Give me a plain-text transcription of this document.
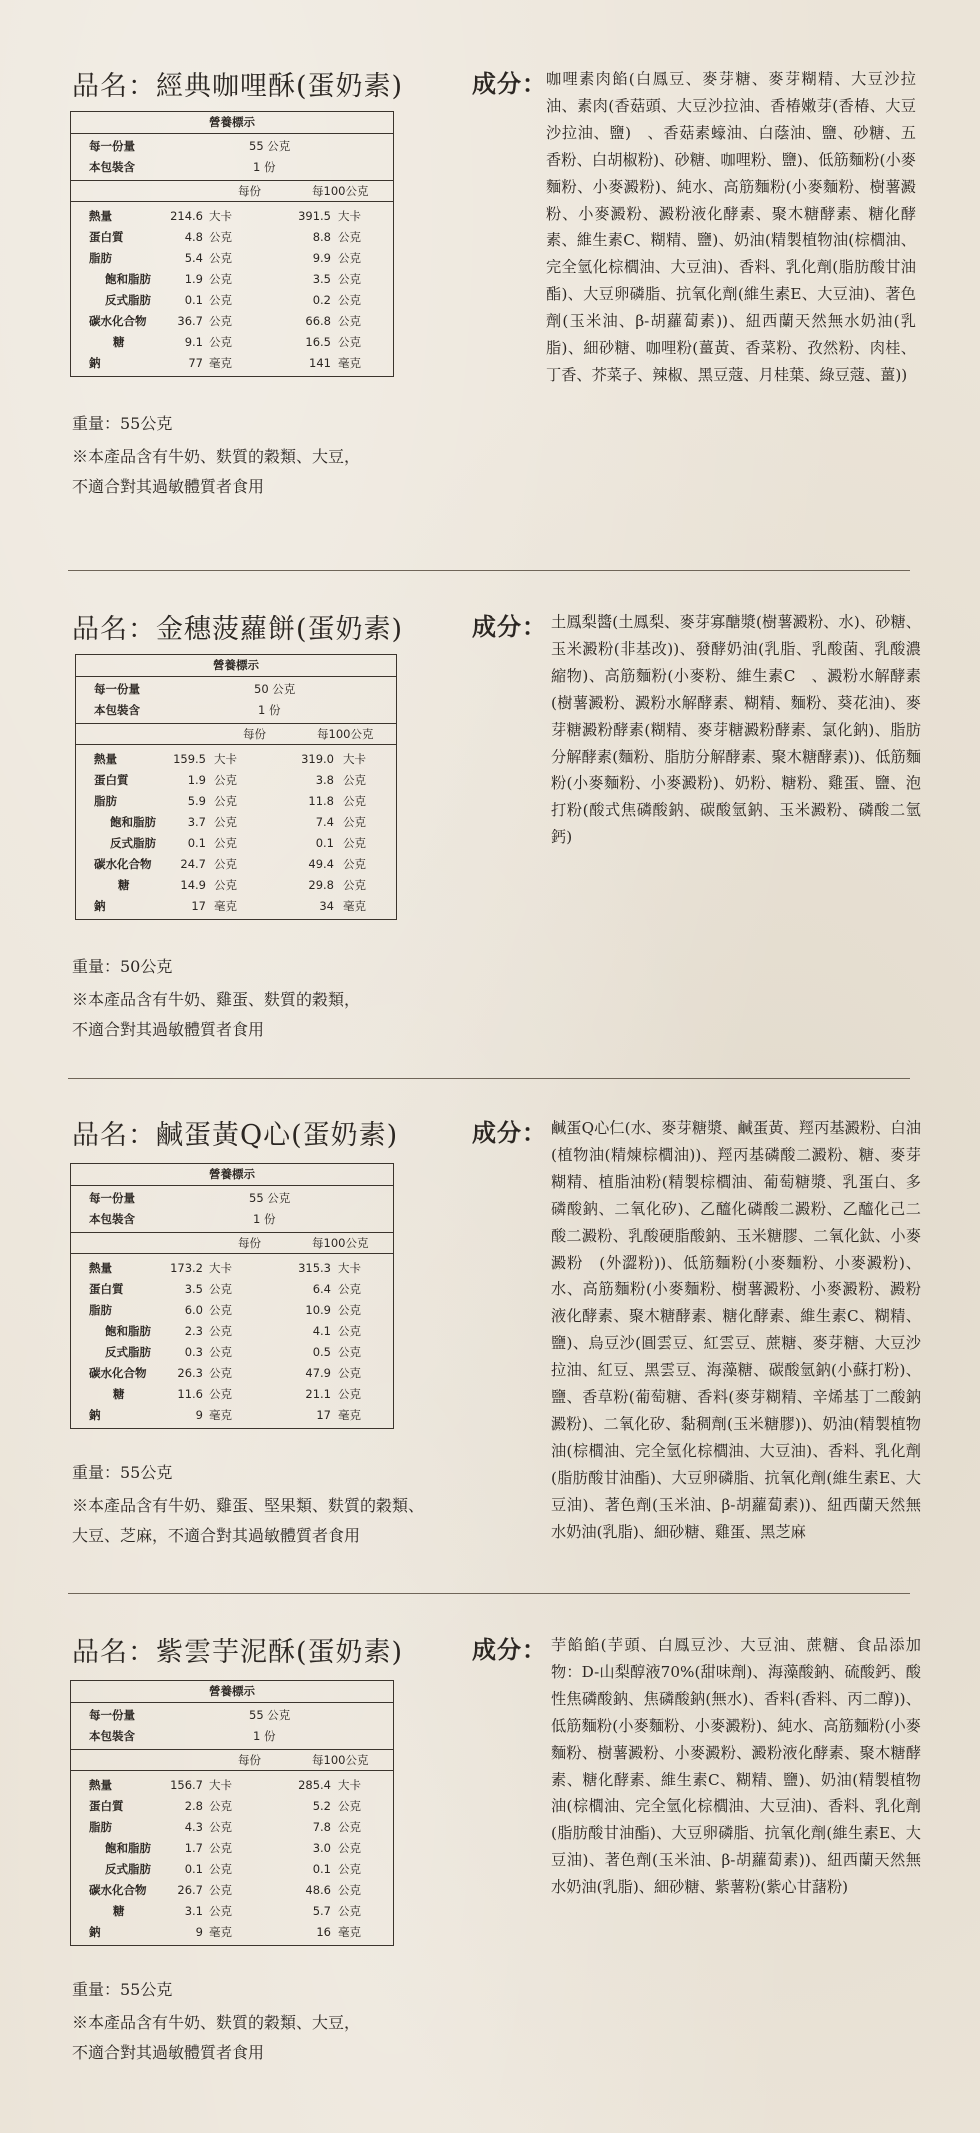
品名：經典咖哩酥(蛋奶素)
營養標示
每一份量	55 公克
本包裝含	1 份
每份	每100公克
熱量	214.6 大卡	391.5 大卡
蛋白質	4.8 公克	8.8 公克
脂肪	5.4 公克	9.9 公克
飽和脂肪	1.9 公克	3.5 公克
反式脂肪	0.1 公克	0.2 公克
碳水化合物	36.7 公克	66.8 公克
糖	9.1 公克	16.5 公克
鈉	77 毫克	141 毫克
重量：55公克
※本產品含有牛奶、麩質的穀類、大豆，
不適合對其過敏體質者食用
成分： 咖哩素肉餡(白鳳豆、麥芽糖、麥芽糊精、大豆沙拉油、素肉(香菇頭、大豆沙拉油、香椿嫩芽(香椿、大豆沙拉油、鹽)　、香菇素蠔油、白蔭油、鹽、砂糖、五香粉、白胡椒粉)、砂糖、咖哩粉、鹽)、低筋麵粉(小麥麵粉、小麥澱粉)、純水、高筋麵粉(小麥麵粉、樹薯澱粉、小麥澱粉、澱粉液化酵素、聚木糖酵素、糖化酵素、維生素C、糊精、鹽)、奶油(精製植物油(棕櫚油、完全氫化棕櫚油、大豆油)、香料、乳化劑(脂肪酸甘油酯)、大豆卵磷脂、抗氧化劑(維生素E、大豆油)、著色劑(玉米油、β-胡蘿蔔素))、紐西蘭天然無水奶油(乳脂)、細砂糖、咖哩粉(薑黃、香菜粉、孜然粉、肉桂、丁香、芥菜子、辣椒、黑豆蔻、月桂葉、綠豆蔻、薑))
品名：金穗菠蘿餅(蛋奶素)
營養標示
每一份量	50 公克
本包裝含	1 份
每份	每100公克
熱量	159.5 大卡	319.0 大卡
蛋白質	1.9 公克	3.8 公克
脂肪	5.9 公克	11.8 公克
飽和脂肪	3.7 公克	7.4 公克
反式脂肪	0.1 公克	0.1 公克
碳水化合物	24.7 公克	49.4 公克
糖	14.9 公克	29.8 公克
鈉	17 毫克	34 毫克
重量：50公克
※本產品含有牛奶、雞蛋、麩質的穀類，
不適合對其過敏體質者食用
成分： 土鳳梨醬(土鳳梨、麥芽寡醣漿(樹薯澱粉、水)、砂糖、玉米澱粉(非基改))、發酵奶油(乳脂、乳酸菌、乳酸濃縮物)、高筋麵粉(小麥粉、維生素C　、澱粉水解酵素(樹薯澱粉、澱粉水解酵素、糊精、麵粉、葵花油)、麥芽糖澱粉酵素(糊精、麥芽糖澱粉酵素、氯化鈉)、脂肪分解酵素(麵粉、脂肪分解酵素、聚木糖酵素))、低筋麵粉(小麥麵粉、小麥澱粉)、奶粉、糖粉、雞蛋、鹽、泡打粉(酸式焦磷酸鈉、碳酸氫鈉、玉米澱粉、磷酸二氫鈣)
品名：鹹蛋黃Q心(蛋奶素)
營養標示
每一份量	55 公克
本包裝含	1 份
每份	每100公克
熱量	173.2 大卡	315.3 大卡
蛋白質	3.5 公克	6.4 公克
脂肪	6.0 公克	10.9 公克
飽和脂肪	2.3 公克	4.1 公克
反式脂肪	0.3 公克	0.5 公克
碳水化合物	26.3 公克	47.9 公克
糖	11.6 公克	21.1 公克
鈉	9 毫克	17 毫克
重量：55公克
※本產品含有牛奶、雞蛋、堅果類、麩質的穀類、
大豆、芝麻，不適合對其過敏體質者食用
成分： 鹹蛋Q心仁(水、麥芽糖漿、鹹蛋黃、羥丙基澱粉、白油(植物油(精煉棕櫚油))、羥丙基磷酸二澱粉、糖、麥芽糊精、植脂油粉(精製棕櫚油、葡萄糖漿、乳蛋白、多磷酸鈉、二氧化矽)、乙醯化磷酸二澱粉、乙醯化己二酸二澱粉、乳酸硬脂酸鈉、玉米糖膠、二氧化鈦、小麥澱粉　(外澀粉))、低筋麵粉(小麥麵粉、小麥澱粉)、水、高筋麵粉(小麥麵粉、樹薯澱粉、小麥澱粉、澱粉液化酵素、聚木糖酵素、糖化酵素、維生素C、糊精、鹽)、烏豆沙(圓雲豆、紅雲豆、蔗糖、麥芽糖、大豆沙拉油、紅豆、黑雲豆、海藻糖、碳酸氫鈉(小蘇打粉)、鹽、香草粉(葡萄糖、香料(麥芽糊精、辛烯基丁二酸鈉澱粉)、二氧化矽、黏稠劑(玉米糖膠))、奶油(精製植物油(棕櫚油、完全氫化棕櫚油、大豆油)、香料、乳化劑(脂肪酸甘油酯)、大豆卵磷脂、抗氧化劑(維生素E、大豆油)、著色劑(玉米油、β-胡蘿蔔素))、紐西蘭天然無水奶油(乳脂)、細砂糖、雞蛋、黑芝麻
品名：紫雲芋泥酥(蛋奶素)
營養標示
每一份量	55 公克
本包裝含	1 份
每份	每100公克
熱量	156.7 大卡	285.4 大卡
蛋白質	2.8 公克	5.2 公克
脂肪	4.3 公克	7.8 公克
飽和脂肪	1.7 公克	3.0 公克
反式脂肪	0.1 公克	0.1 公克
碳水化合物	26.7 公克	48.6 公克
糖	3.1 公克	5.7 公克
鈉	9 毫克	16 毫克
重量：55公克
※本產品含有牛奶、麩質的穀類、大豆，
不適合對其過敏體質者食用
成分： 芋餡餡(芋頭、白鳳豆沙、大豆油、蔗糖、食品添加物：D-山梨醇液70%(甜味劑)、海藻酸鈉、硫酸鈣、酸性焦磷酸鈉、焦磷酸鈉(無水)、香料(香料、丙二醇))、低筋麵粉(小麥麵粉、小麥澱粉)、純水、高筋麵粉(小麥麵粉、樹薯澱粉、小麥澱粉、澱粉液化酵素、聚木糖酵素、糖化酵素、維生素C、糊精、鹽)、奶油(精製植物油(棕櫚油、完全氫化棕櫚油、大豆油)、香料、乳化劑(脂肪酸甘油酯)、大豆卵磷脂、抗氧化劑(維生素E、大豆油)、著色劑(玉米油、β-胡蘿蔔素))、紐西蘭天然無水奶油(乳脂)、細砂糖、紫薯粉(紫心甘藷粉)
